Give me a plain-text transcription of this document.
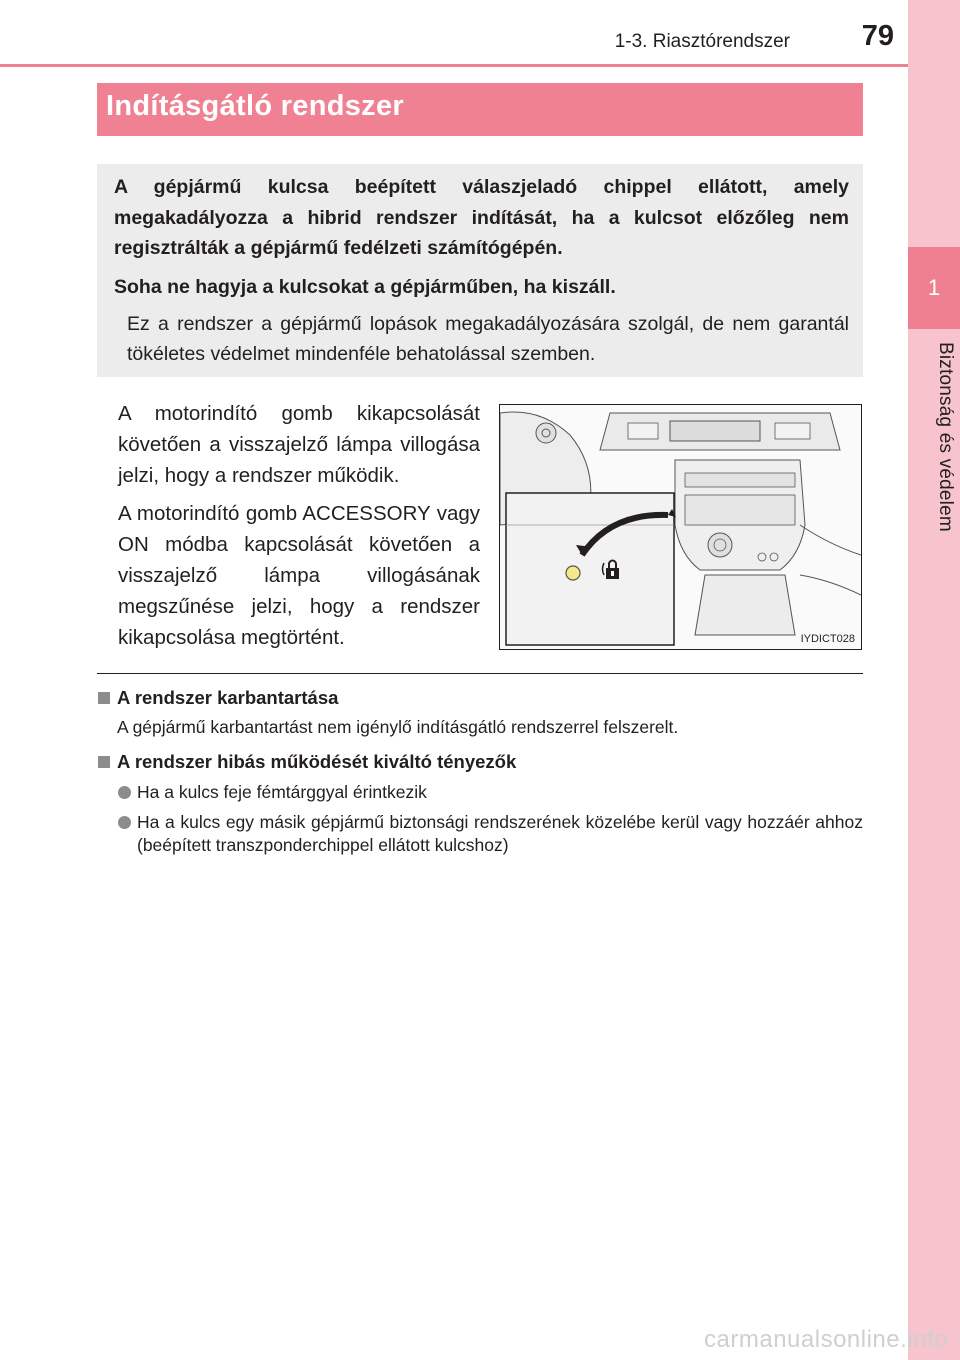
1
Biztonság és védelem
1-3. Riasztórendszer 79
Indításgátló rendszer

A gépjármű kulcsa beépített válaszjeladó chippel ellátott, amely megakadályozza a hibrid rendszer indítását, ha a kulcsot előzőleg nem regisztrálták a gépjármű fedélzeti számítógépén.

Soha ne hagyja a kulcsokat a gépjárműben, ha kiszáll.

Ez a rendszer a gépjármű lopások megakadályozására szolgál, de nem garantál tökéletes védelmet mindenféle behatolással szemben.

A motorindító gomb kikapcsolását követően a visszajelző lámpa villogása jelzi, hogy a rendszer működik.

A motorindító gomb ACCESSORY vagy ON módba kapcsolását követően a visszajelző lámpa villogásának megszűnése jelzi, hogy a rendszer kikapcsolása megtörtént.	IYDICT028
A rendszer karbantartása
A gépjármű karbantartást nem igénylő indításgátló rendszerrel felszerelt.
A rendszer hibás működését kiváltó tényezők
Ha a kulcs feje fémtárggyal érintkezik
Ha a kulcs egy másik gépjármű biztonsági rendszerének közelébe kerül vagy hozzáér ahhoz (beépített transzponderchippel ellátott kulcshoz)
carmanualsonline.info
